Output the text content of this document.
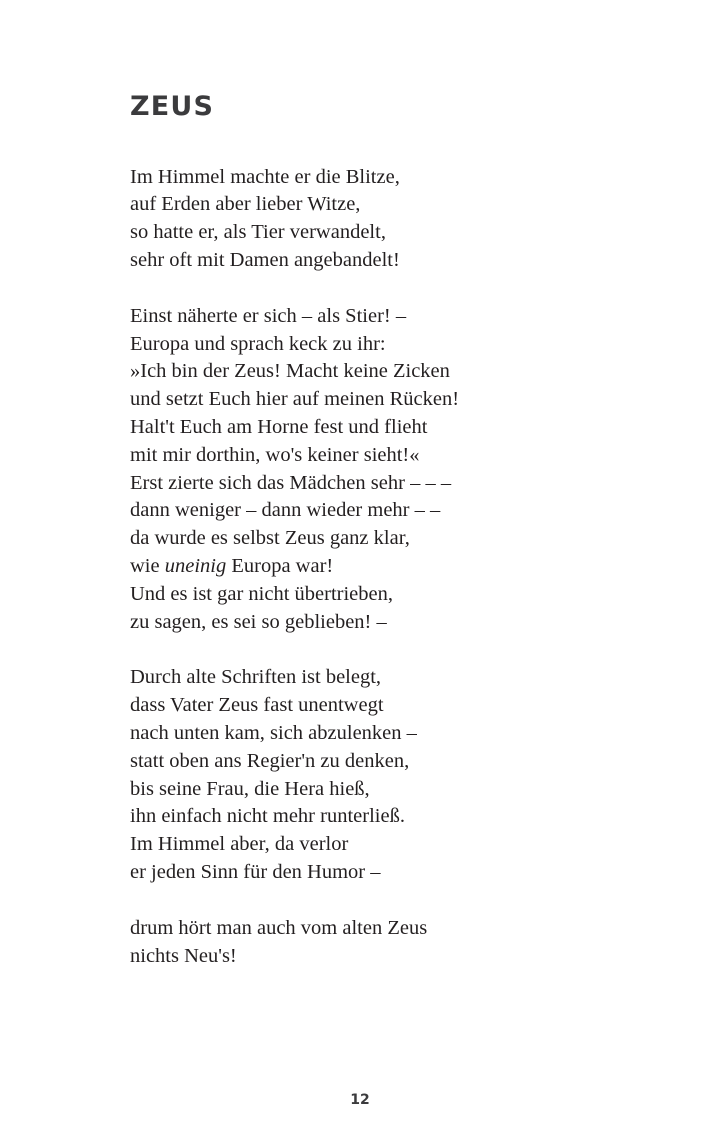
ZEUS
Im Himmel machte er die Blitze,
auf Erden aber lieber Witze,
so hatte er, als Tier verwandelt,
sehr oft mit Damen angebandelt!
Einst näherte er sich – als Stier! –
Europa und sprach keck zu ihr:
»Ich bin der Zeus! Macht keine Zicken
und setzt Euch hier auf meinen Rücken!
Halt't Euch am Horne fest und flieht
mit mir dorthin, wo's keiner sieht!«
Erst zierte sich das Mädchen sehr – – –
dann weniger – dann wieder mehr – –
da wurde es selbst Zeus ganz klar,
wie uneinig Europa war!
Und es ist gar nicht übertrieben,
zu sagen, es sei so geblieben! –
Durch alte Schriften ist belegt,
dass Vater Zeus fast unentwegt
nach unten kam, sich abzulenken –
statt oben ans Regier'n zu denken,
bis seine Frau, die Hera hieß,
ihn einfach nicht mehr runterließ.
Im Himmel aber, da verlor
er jeden Sinn für den Humor –
drum hört man auch vom alten Zeus
nichts Neu's!
12
